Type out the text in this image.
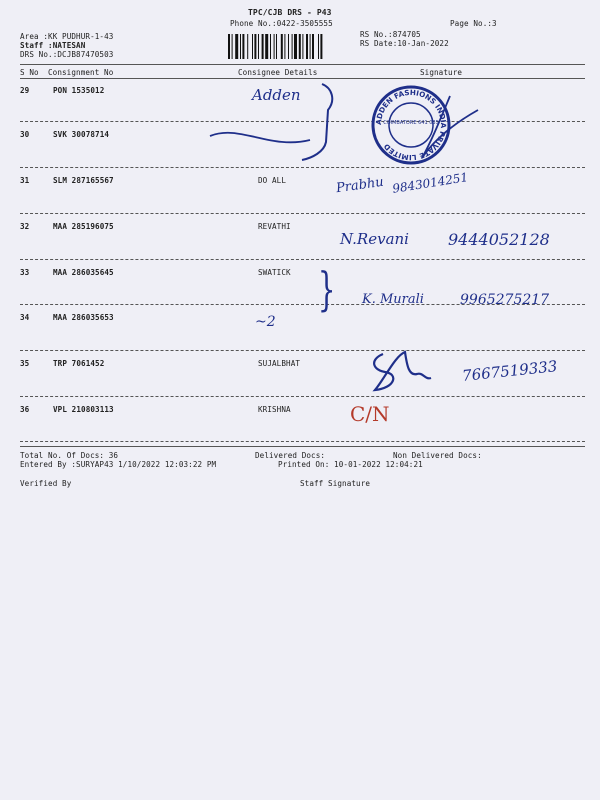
TPC/CJB DRS - P43
Phone No.:0422-3505555	Page No.:3
Area :KK PUDHUR-1-43
Staff :NATESAN
DRS No.:DCJB87470503
RS No.:874705
RS Date:10-Jan-2022
S No Consignment No	Consignee Details	Signature
29	PON 1535012
30	SVK 30078714
31	SLM 287165567	DO ALL
32	MAA 285196075	REVATHI
33	MAA 286035645	SWATICK
34	MAA 286035653
35	TRP 7061452	SUJALBHAT
36	VPL 210803113	KRISHNA
Total No. Of Docs: 36	Delivered Docs:	Non Delivered Docs:
Entered By :SURYAP43 1/10/2022 12:03:22 PM	Printed On: 10-01-2022 12:04:21
Verified By	Staff Signature
Adden
ADDEN FASHIONS INDIA PRIVATE LIMITED
COIMBATORE 641 035
Prabhu 9843014251
N.Revani 9444052128
}
~2
K. Murali	9965275217
7667519333
C/N
